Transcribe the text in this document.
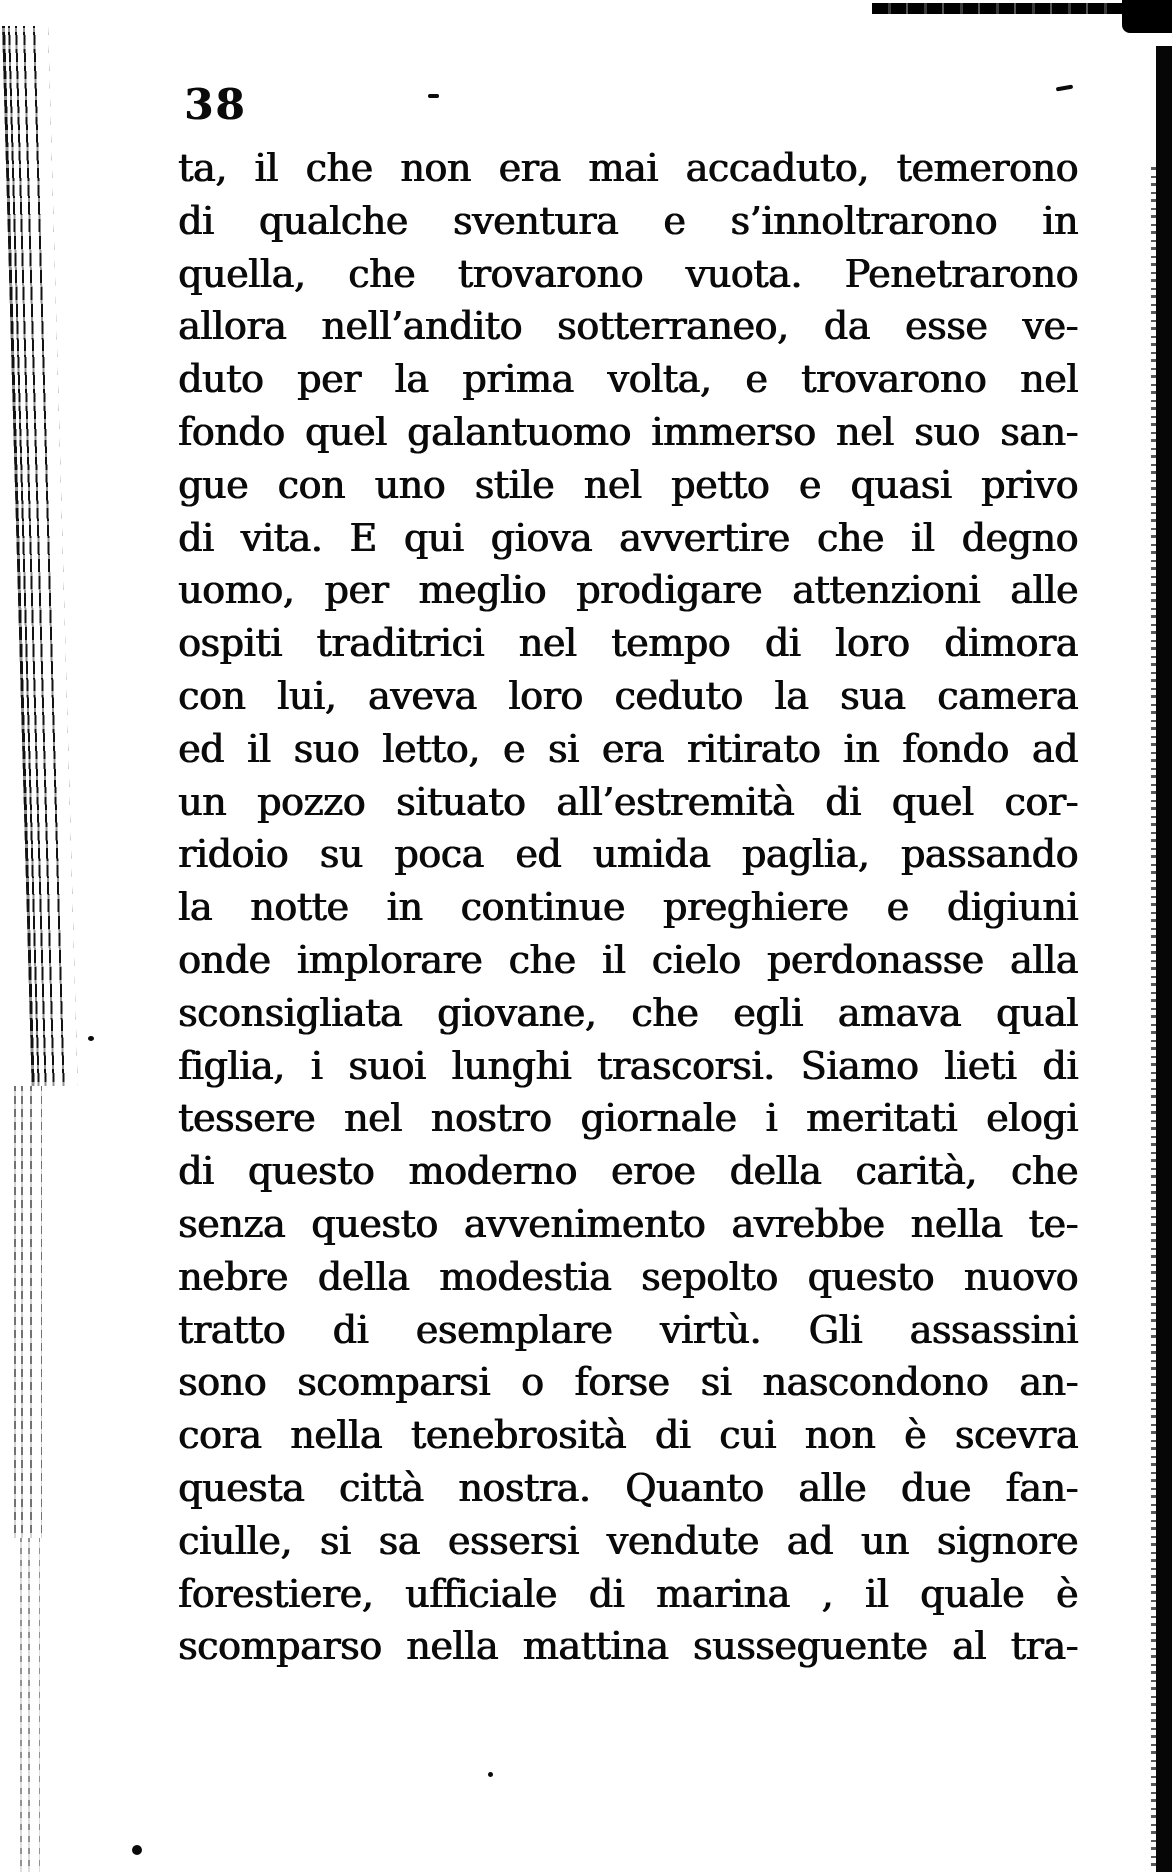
38
ta, il che non era mai accaduto, temerono
di qualche sventura e s’innoltrarono in
quella, che trovarono vuota. Penetrarono
allora nell’andito sotterraneo, da esse ve-
duto per la prima volta, e trovarono nel
fondo quel galantuomo immerso nel suo san-
gue con uno stile nel petto e quasi privo
di vita. E qui giova avvertire che il degno
uomo, per meglio prodigare attenzioni alle
ospiti traditrici nel tempo di loro dimora
con lui, aveva loro ceduto la sua camera
ed il suo letto, e si era ritirato in fondo ad
un pozzo situato all’estremità di quel cor-
ridoio su poca ed umida paglia, passando
la notte in continue preghiere e digiuni
onde implorare che il cielo perdonasse alla
sconsigliata giovane, che egli amava qual
figlia, i suoi lunghi trascorsi. Siamo lieti di
tessere nel nostro giornale i meritati elogi
di questo moderno eroe della carità, che
senza questo avvenimento avrebbe nella te-
nebre della modestia sepolto questo nuovo
tratto di esemplare virtù. Gli assassini
sono scomparsi o forse si nascondono an-
cora nella tenebrosità di cui non è scevra
questa città nostra. Quanto alle due fan-
ciulle, si sa essersi vendute ad un signore
forestiere, ufficiale di marina , il quale è
scomparso nella mattina susseguente al tra-
